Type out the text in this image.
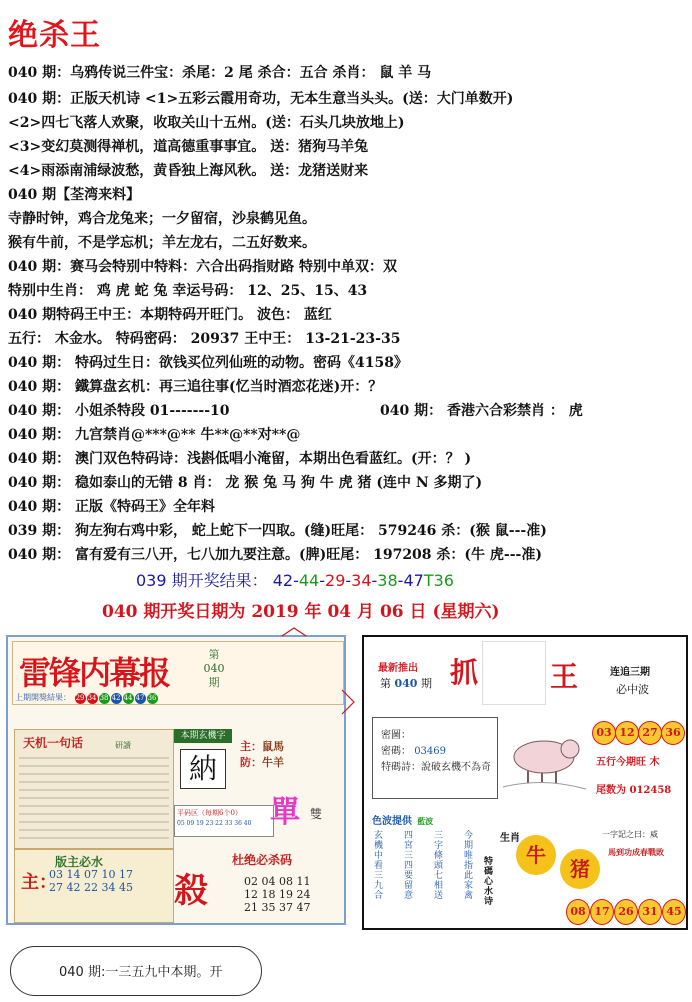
绝杀王
040 期：乌鸦传说三件宝：杀尾：2 尾 杀合：五合 杀肖： 鼠 羊 马
040 期：正版天机诗 <1>五彩云霞用奇功，无本生意当头头。(送：大门单数开)
<2>四七飞落人欢聚，收取关山十五州。(送：石头几块放地上)
<3>变幻莫测得禅机，道高德重事事宜。 送：猪狗马羊兔
<4>雨添南浦绿波愁，黄昏独上海风秋。 送：龙猪送财来
040 期【荃湾来料】
寺静时钟，鸡合龙兔来；一夕留宿，沙泉鹤见鱼。
猴有牛前，不是学忘机；羊左龙右，二五好数来。
040 期：赛马会特别中特料：六合出码指财路 特别中单双：双
特别中生肖： 鸡 虎 蛇 兔 幸运号码： 12、25、15、43
040 期特码王中王：本期特码开旺门。 波色： 蓝红
五行： 木金水。 特码密码： 20937 王中王： 13-21-23-35
040 期： 特码过生日：欲钱买位列仙班的动物。密码《4158》
040 期： 鐵算盘玄机：再三追往事(忆当时酒恋花迷)开：？
040 期： 小姐杀特段 01-------10
040 期： 九宫禁肖@***@** 牛**@**对**@
040 期： 澳门双色特码诗：浅斟低唱小淹留，本期出色看蓝红。(开：？ )
040 期： 稳如泰山的无错 8 肖： 龙 猴 兔 马 狗 牛 虎 猪 (连中 N 多期了)
040 期： 正版《特码王》全年料
039 期： 狗左狗右鸡中彩， 蛇上蛇下一四取。(缝)旺尾： 579246 杀：(猴 鼠---准)
040 期： 富有爱有三八开，七八加九要注意。(脾)旺尾： 197208 杀：(牛 虎---准)
040 期： 香港六合彩禁肖 ： 虎
039 期开奖结果： 42-44-29-34-38-47T36
040 期开奖日期为 2019 年 04 月 06 日 (星期六)
雷锋内幕报	第
040
期
上期開獎結果： 29 34 38 42 44 47 36
天机一句话	研讀
本期玄機字
納
主：鼠馬
防：牛羊
平码区（每期6个0）
05 09 19 23 22 33 36 40 單 雙
版主必水
主：
03 14 07 10 17
27 42 22 34 45
杜绝必杀码
殺	02 04 08 11
12 18 19 24
21 35 37 47
最新推出
第 040 期 抓	王	连追三期
必中波
密圖：
密碼： 03469
特碼詩：說破玄機不為奇
03 12 27 36
五行今期旺 木
尾数为 012458
色波提供 藍波
玄機中看三九合
四宮三四要留意
三字條頭七相送
今期唯指此家禽
生肖
特碼心水诗
牛
猪
一字記之曰：威
馬到功成春戰敗
08 17 26 31 45
040 期:一三五九中本期。开
